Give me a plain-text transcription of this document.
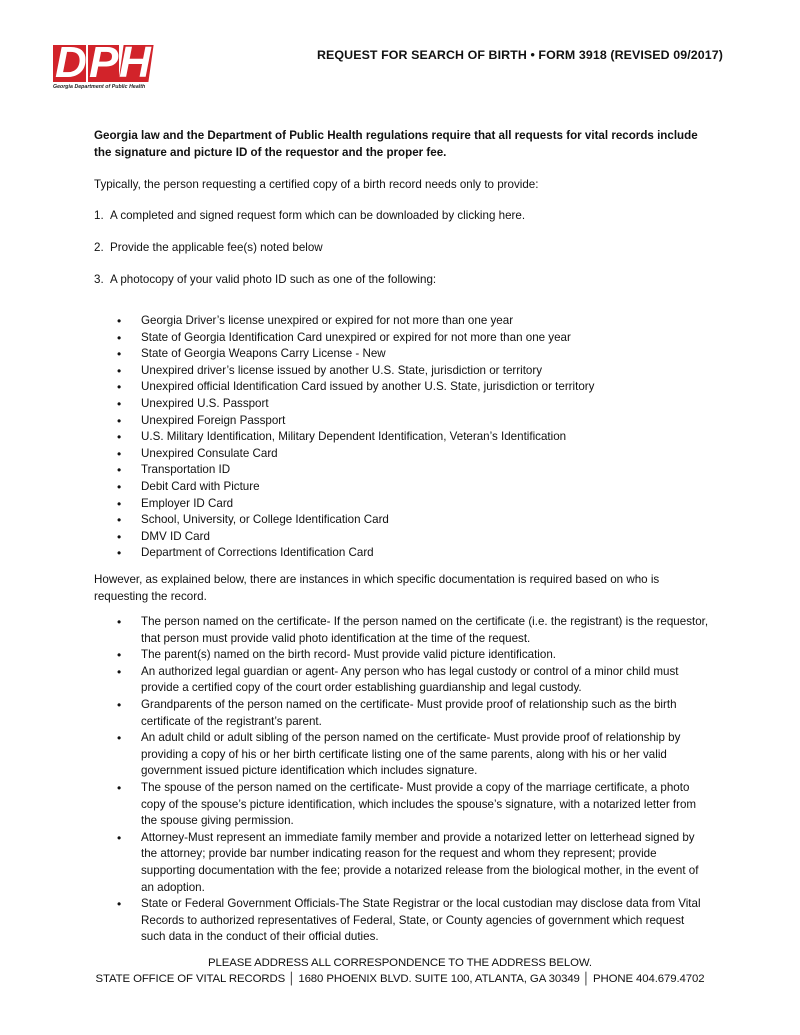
D P H
Georgia Department of Public Health
REQUEST FOR SEARCH OF BIRTH • FORM 3918 (REVISED 09/2017)
Georgia law and the Department of Public Health regulations require that all requests for vital records include the signature and picture ID of the requestor and the proper fee.
Typically, the person requesting a certified copy of a birth record needs only to provide:
1. A completed and signed request form which can be downloaded by clicking here.
2. Provide the applicable fee(s) noted below
3. A photocopy of your valid photo ID such as one of the following:
• Georgia Driver’s license unexpired or expired for not more than one year
• State of Georgia Identification Card unexpired or expired for not more than one year
• State of Georgia Weapons Carry License - New
• Unexpired driver’s license issued by another U.S. State, jurisdiction or territory
• Unexpired official Identification Card issued by another U.S. State, jurisdiction or territory
• Unexpired U.S. Passport
• Unexpired Foreign Passport
• U.S. Military Identification, Military Dependent Identification, Veteran’s Identification
• Unexpired Consulate Card
• Transportation ID
• Debit Card with Picture
• Employer ID Card
• School, University, or College Identification Card
• DMV ID Card
• Department of Corrections Identification Card
However, as explained below, there are instances in which specific documentation is required based on who is requesting the record.
• The person named on the certificate- If the person named on the certificate (i.e. the registrant) is the requestor, that person must provide valid photo identification at the time of the request.
• The parent(s) named on the birth record- Must provide valid picture identification.
• An authorized legal guardian or agent- Any person who has legal custody or control of a minor child must provide a certified copy of the court order establishing guardianship and legal custody.
• Grandparents of the person named on the certificate- Must provide proof of relationship such as the birth certificate of the registrant’s parent.
• An adult child or adult sibling of the person named on the certificate- Must provide proof of relationship by providing a copy of his or her birth certificate listing one of the same parents, along with his or her valid government issued picture identification which includes signature.
• The spouse of the person named on the certificate- Must provide a copy of the marriage certificate, a photo copy of the spouse’s picture identification, which includes the spouse’s signature, with a notarized letter from the spouse giving permission.
• Attorney-Must represent an immediate family member and provide a notarized letter on letterhead signed by the attorney; provide bar number indicating reason for the request and whom they represent; provide supporting documentation with the fee; provide a notarized release from the biological mother, in the event of an adoption.
• State or Federal Government Officials-The State Registrar or the local custodian may disclose data from Vital Records to authorized representatives of Federal, State, or County agencies of government which request such data in the conduct of their official duties.
PLEASE ADDRESS ALL CORRESPONDENCE TO THE ADDRESS BELOW.
STATE OFFICE OF VITAL RECORDS │ 1680 PHOENIX BLVD. SUITE 100, ATLANTA, GA 30349 │ PHONE 404.679.4702
